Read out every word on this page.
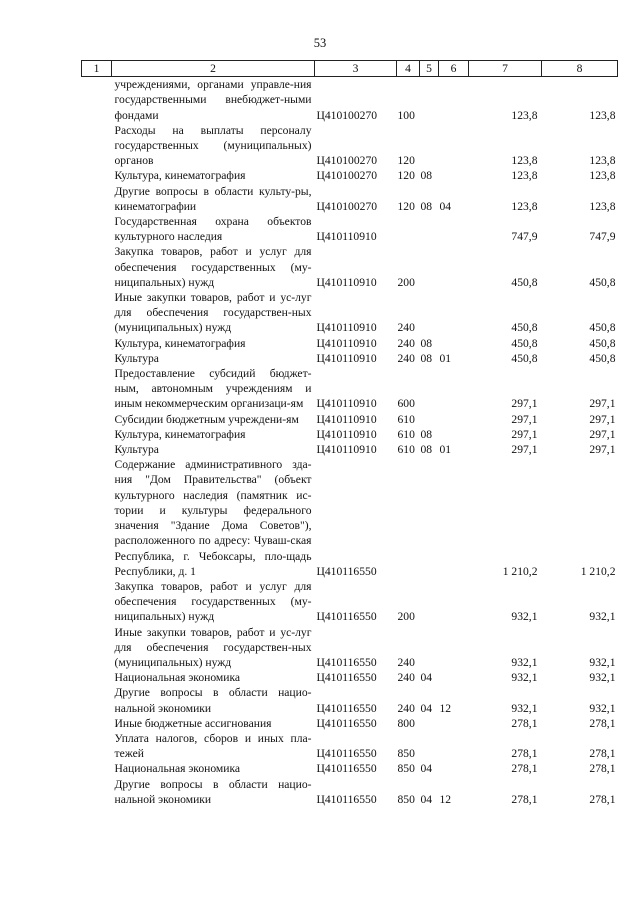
53
1	2	3	4	5	6	7	8
	учреждениями, органами управле-ния государственными внебюджет-ными фондами	Ц410100270	100			123,8	123,8
	Расходы на выплаты персоналу государственных (муниципальных) органов	Ц410100270	120			123,8	123,8
	Культура, кинематография	Ц410100270	120	08		123,8	123,8
	Другие вопросы в области культу-ры, кинематографии	Ц410100270	120	08	04	123,8	123,8
	Государственная охрана объектов культурного наследия	Ц410110910				747,9	747,9
	Закупка товаров, работ и услуг для обеспечения государственных (му-ниципальных) нужд	Ц410110910	200			450,8	450,8
	Иные закупки товаров, работ и ус-луг для обеспечения государствен-ных (муниципальных) нужд	Ц410110910	240			450,8	450,8
	Культура, кинематография	Ц410110910	240	08		450,8	450,8
	Культура	Ц410110910	240	08	01	450,8	450,8
	Предоставление субсидий бюджет-ным, автономным учреждениям и иным некоммерческим организаци-ям	Ц410110910	600			297,1	297,1
	Субсидии бюджетным учреждени-ям	Ц410110910	610			297,1	297,1
	Культура, кинематография	Ц410110910	610	08		297,1	297,1
	Культура	Ц410110910	610	08	01	297,1	297,1
	Содержание административного зда-ния "Дом Правительства" (объект культурного наследия (памятник ис-тории и культуры федерального значения "Здание Дома Советов"), расположенного по адресу: Чуваш-ская Республика, г. Чебоксары, пло-щадь Республики, д. 1	Ц410116550				1 210,2	1 210,2
	Закупка товаров, работ и услуг для обеспечения государственных (му-ниципальных) нужд	Ц410116550	200			932,1	932,1
	Иные закупки товаров, работ и ус-луг для обеспечения государствен-ных (муниципальных) нужд	Ц410116550	240			932,1	932,1
	Национальная экономика	Ц410116550	240	04		932,1	932,1
	Другие вопросы в области нацио-нальной экономики	Ц410116550	240	04	12	932,1	932,1
	Иные бюджетные ассигнования	Ц410116550	800			278,1	278,1
	Уплата налогов, сборов и иных пла-тежей	Ц410116550	850			278,1	278,1
	Национальная экономика	Ц410116550	850	04		278,1	278,1
	Другие вопросы в области нацио-нальной экономики	Ц410116550	850	04	12	278,1	278,1
